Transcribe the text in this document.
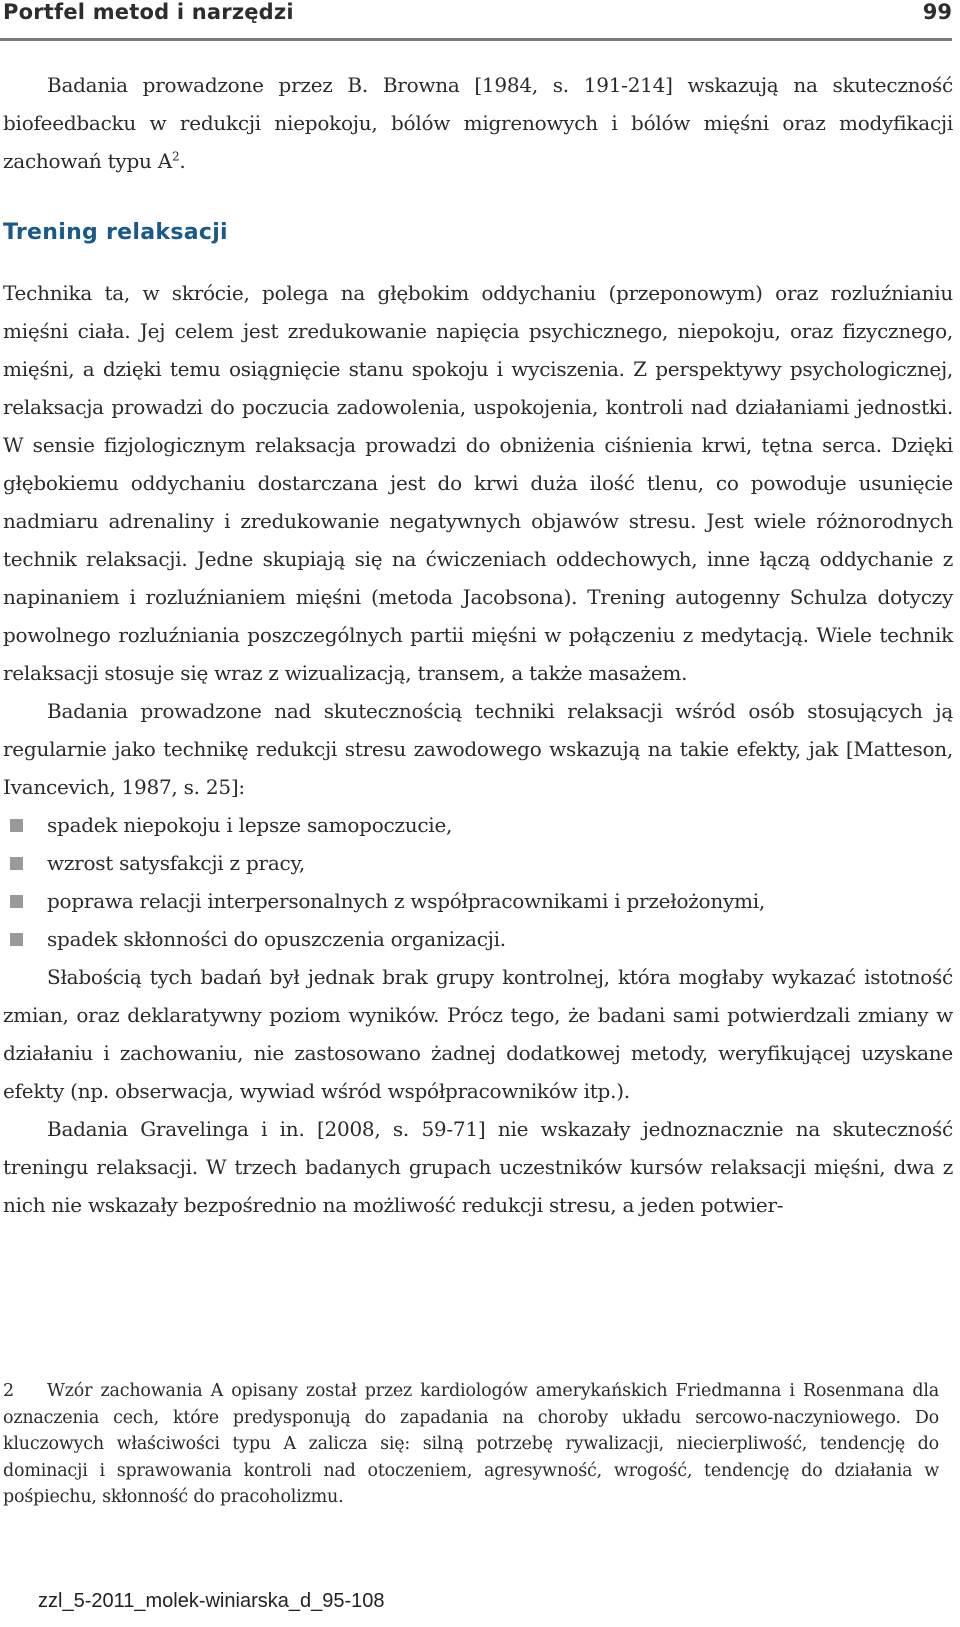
Portfel metod i narzędzi	99

Badania prowadzone przez B. Browna [1984, s. 191-214] wskazują na skuteczność biofeedbacku w redukcji niepokoju, bólów migrenowych i bólów mięśni oraz modyfikacji zachowań typu A$^2$.

Trening relaksacji

Technika ta, w skrócie, polega na głębokim oddychaniu (przeponowym) oraz rozluźnianiu mięśni ciała. Jej celem jest zredukowanie napięcia psychicznego, niepokoju, oraz fizycznego, mięśni, a dzięki temu osiągnięcie stanu spokoju i wyciszenia. Z perspektywy psychologicznej, relaksacja prowadzi do poczucia zadowolenia, uspokojenia, kontroli nad działaniami jednostki. W sensie fizjologicznym relaksacja prowadzi do obniżenia ciśnienia krwi, tętna serca. Dzięki głębokiemu oddychaniu dostarczana jest do krwi duża ilość tlenu, co powoduje usunięcie nadmiaru adrenaliny i zredukowanie negatywnych objawów stresu. Jest wiele różnorodnych technik relaksacji. Jedne skupiają się na ćwiczeniach oddechowych, inne łączą oddychanie z napinaniem i rozluźnianiem mięśni (metoda Jacobsona). Trening autogenny Schulza dotyczy powolnego rozluźniania poszczególnych partii mięśni w połączeniu z medytacją. Wiele technik relaksacji stosuje się wraz z wizualizacją, transem, a także masażem.

Badania prowadzone nad skutecznością techniki relaksacji wśród osób stosujących ją regularnie jako technikę redukcji stresu zawodowego wskazują na takie efekty, jak [Matteson, Ivancevich, 1987, s. 25]:

spadek niepokoju i lepsze samopoczucie,
wzrost satysfakcji z pracy,
poprawa relacji interpersonalnych z współpracownikami i przełożonymi,
spadek skłonności do opuszczenia organizacji.

Słabością tych badań był jednak brak grupy kontrolnej, która mogłaby wykazać istotność zmian, oraz deklaratywny poziom wyników. Prócz tego, że badani sami potwierdzali zmiany w działaniu i zachowaniu, nie zastosowano żadnej dodatkowej metody, weryfikującej uzyskane efekty (np. obserwacja, wywiad wśród współpracowników itp.).

Badania Gravelinga i in. [2008, s. 59-71] nie wskazały jednoznacznie na skuteczność treningu relaksacji. W trzech badanych grupach uczestników kursów relaksacji mięśni, dwa z nich nie wskazały bezpośrednio na możliwość redukcji stresu, a jeden potwier-

2 Wzór zachowania A opisany został przez kardiologów amerykańskich Friedmanna i Rosenmana dla oznaczenia cech, które predysponują do zapadania na choroby układu sercowo-naczyniowego. Do kluczowych właściwości typu A zalicza się: silną potrzebę rywalizacji, niecierpliwość, tendencję do dominacji i sprawowania kontroli nad otoczeniem, agresywność, wrogość, tendencję do działania w pośpiechu, skłonność do pracoholizmu.
zzl_5-2011_molek-winiarska_d_95-108
